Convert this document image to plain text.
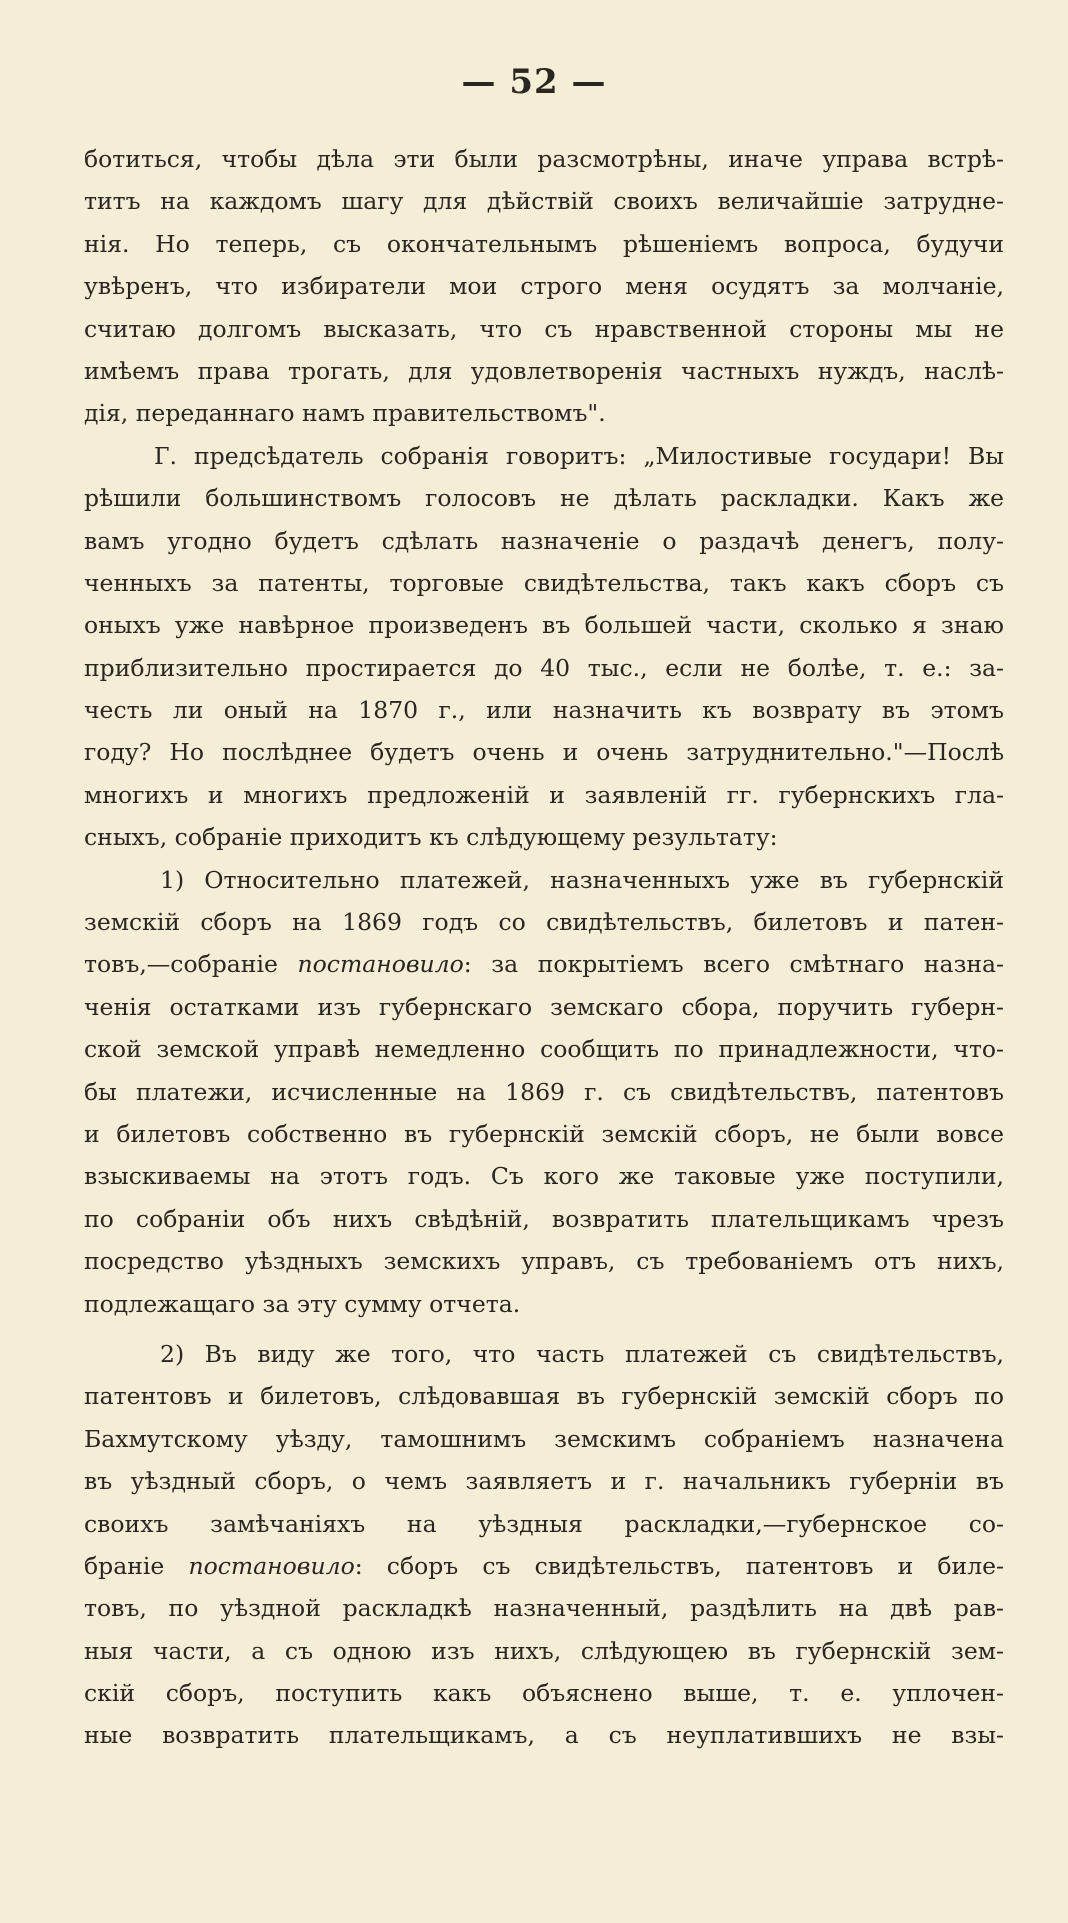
— 52 —
ботиться, чтобы дѣла эти были разсмотрѣны, иначе управа встрѣ-
титъ на каждомъ шагу для дѣйствій своихъ величайшіе затрудне-
нія. Но теперь, съ окончательнымъ рѣшеніемъ вопроса, будучи
увѣренъ, что избиратели мои строго меня осудятъ за молчаніе,
считаю долгомъ высказать, что съ нравственной стороны мы не
имѣемъ права трогать, для удовлетворенія частныхъ нуждъ, наслѣ-
дія, переданнаго намъ правительствомъ".
Г. предсѣдатель собранія говоритъ: „Милостивые государи! Вы
рѣшили большинствомъ голосовъ не дѣлать раскладки. Какъ же
вамъ угодно будетъ сдѣлать назначеніе о раздачѣ денегъ, полу-
ченныхъ за патенты, торговые свидѣтельства, такъ какъ сборъ съ
оныхъ уже навѣрное произведенъ въ большей части, сколько я знаю
приблизительно простирается до 40 тыс., если не болѣе, т. е.: за-
честь ли оный на 1870 г., или назначить къ возврату въ этомъ
году? Но послѣднее будетъ очень и очень затруднительно."—Послѣ
многихъ и многихъ предложеній и заявленій гг. губернскихъ гла-
сныхъ, собраніе приходитъ къ слѣдующему результату:
1) Относительно платежей, назначенныхъ уже въ губернскій
земскій сборъ на 1869 годъ со свидѣтельствъ, билетовъ и патен-
товъ,—собраніе постановило: за покрытіемъ всего смѣтнаго назна-
ченія остатками изъ губернскаго земскаго сбора, поручить губерн-
ской земской управѣ немедленно сообщить по принадлежности, что-
бы платежи, исчисленные на 1869 г. съ свидѣтельствъ, патентовъ
и билетовъ собственно въ губернскій земскій сборъ, не были вовсе
взыскиваемы на этотъ годъ. Съ кого же таковые уже поступили,
по собраніи объ нихъ свѣдѣній, возвратить плательщикамъ чрезъ
посредство уѣздныхъ земскихъ управъ, съ требованіемъ отъ нихъ,
подлежащаго за эту сумму отчета.
2) Въ виду же того, что часть платежей съ свидѣтельствъ,
патентовъ и билетовъ, слѣдовавшая въ губернскій земскій сборъ по
Бахмутскому уѣзду, тамошнимъ земскимъ собраніемъ назначена
въ уѣздный сборъ, о чемъ заявляетъ и г. начальникъ губерніи въ
своихъ замѣчаніяхъ на уѣздныя раскладки,—губернское со-
браніе постановило: сборъ съ свидѣтельствъ, патентовъ и биле-
товъ, по уѣздной раскладкѣ назначенный, раздѣлить на двѣ рав-
ныя части, а съ одною изъ нихъ, слѣдующею въ губернскій зем-
скій сборъ, поступить какъ объяснено выше, т. е. уплочен-
ные возвратить плательщикамъ, а съ неуплатившихъ не взы-
